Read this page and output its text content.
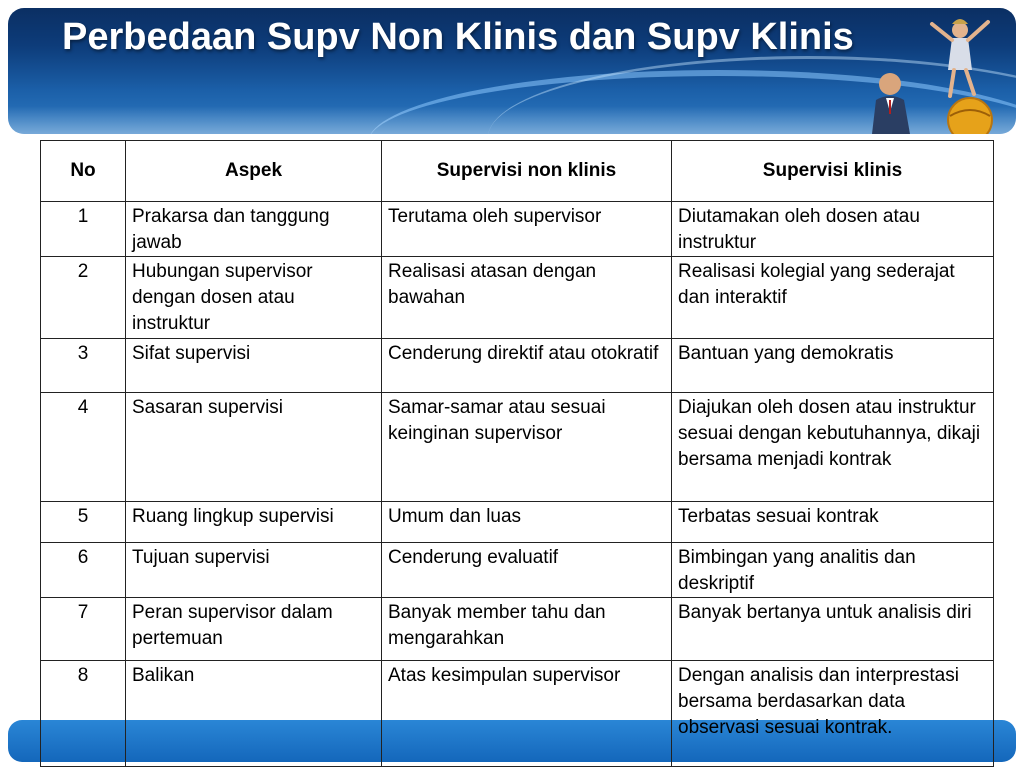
Perbedaan Supv Non Klinis dan Supv Klinis
No	Aspek	Supervisi non klinis	Supervisi klinis
1	Prakarsa dan tanggung jawab	Terutama oleh supervisor	Diutamakan oleh dosen atau instruktur
2	Hubungan supervisor dengan dosen atau instruktur	Realisasi atasan dengan bawahan	Realisasi kolegial yang sederajat dan interaktif
3	Sifat supervisi	Cenderung direktif atau otokratif	Bantuan yang demokratis
4	Sasaran supervisi	Samar-samar atau sesuai keinginan supervisor	Diajukan oleh dosen atau instruktur sesuai dengan kebutuhannya, dikaji bersama menjadi kontrak
5	Ruang lingkup supervisi	Umum dan luas	Terbatas sesuai kontrak
6	Tujuan supervisi	Cenderung evaluatif	Bimbingan yang analitis dan deskriptif
7	Peran supervisor dalam pertemuan	Banyak member tahu dan mengarahkan	Banyak bertanya untuk analisis diri
8	Balikan	Atas kesimpulan supervisor	Dengan analisis dan interprestasi bersama berdasarkan data observasi sesuai kontrak.
